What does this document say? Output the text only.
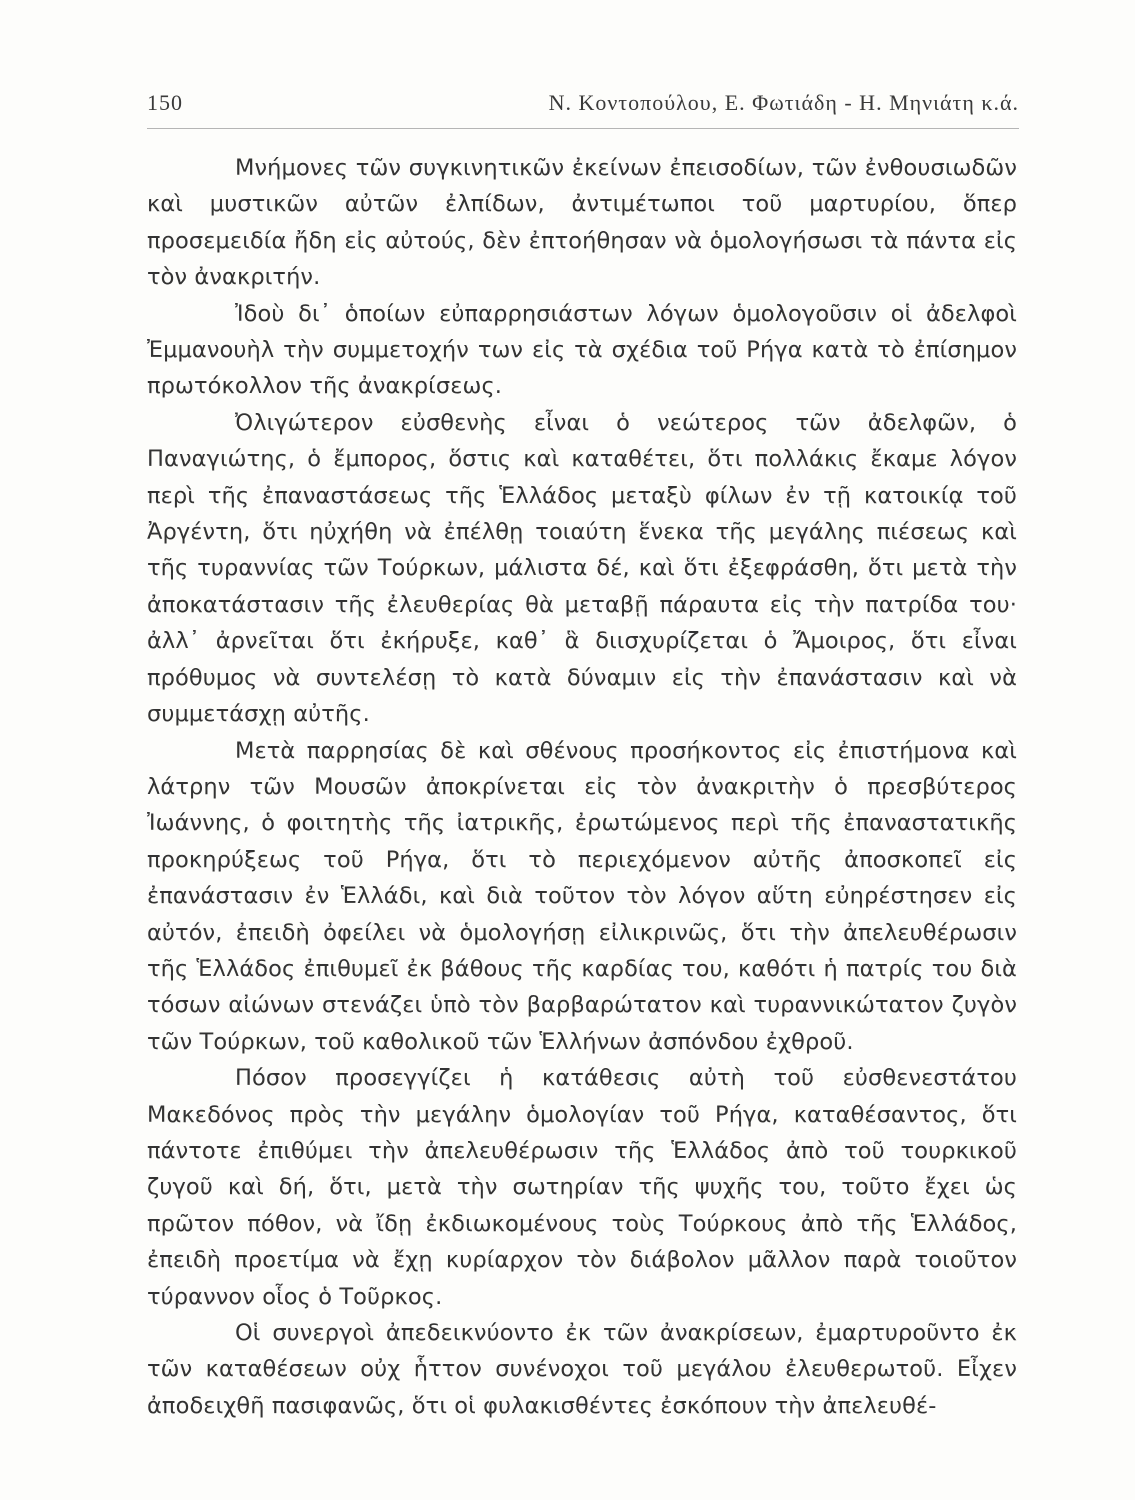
150	Ν. Κοντοπούλου, Ε. Φωτιάδη - Η. Μηνιάτη κ.ά.

Μνήμονες τῶν συγκινητικῶν ἐκείνων ἐπεισοδίων, τῶν ἐνθουσιωδῶν καὶ μυστικῶν αὐτῶν ἐλπίδων, ἀντιμέτωποι τοῦ μαρτυρίου, ὅπερ προσεμειδία ἤδη εἰς αὐτούς, δὲν ἐπτοήθησαν νὰ ὁμολογήσωσι τὰ πάντα εἰς τὸν ἀνακριτήν.

Ἰδοὺ δι᾽ ὁποίων εὐπαρρησιάστων λόγων ὁμολογοῦσιν οἱ ἀδελφοὶ Ἐμμανουὴλ τὴν συμμετοχήν των εἰς τὰ σχέδια τοῦ Ρήγα κατὰ τὸ ἐπίσημον πρωτόκολλον τῆς ἀνακρίσεως.

Ὀλιγώτερον εὐσθενὴς εἶναι ὁ νεώτερος τῶν ἀδελφῶν, ὁ Παναγιώτης, ὁ ἔμπορος, ὅστις καὶ καταθέτει, ὅτι πολλάκις ἔκαμε λόγον περὶ τῆς ἐπαναστάσεως τῆς Ἑλλάδος μεταξὺ φίλων ἐν τῇ κατοικίᾳ τοῦ Ἀργέντη, ὅτι ηὐχήθη νὰ ἐπέλθῃ τοιαύτη ἕνεκα τῆς μεγάλης πιέσεως καὶ τῆς τυραννίας τῶν Τούρκων, μάλιστα δέ, καὶ ὅτι ἐξεφράσθη, ὅτι μετὰ τὴν ἀποκατάστασιν τῆς ἐλευθερίας θὰ μεταβῇ πάραυτα εἰς τὴν πατρίδα του· ἀλλ᾽ ἀρνεῖται ὅτι ἐκήρυξε, καθ᾽ ἃ διισχυρίζεται ὁ Ἄμοιρος, ὅτι εἶναι πρόθυμος νὰ συντελέσῃ τὸ κατὰ δύναμιν εἰς τὴν ἐπανάστασιν καὶ νὰ συμμετάσχῃ αὐτῆς.

Μετὰ παρρησίας δὲ καὶ σθένους προσήκοντος εἰς ἐπιστήμονα καὶ λάτρην τῶν Μουσῶν ἀποκρίνεται εἰς τὸν ἀνακριτὴν ὁ πρεσβύτερος Ἰωάννης, ὁ φοιτητὴς τῆς ἰατρικῆς, ἐρωτώμενος περὶ τῆς ἐπαναστατικῆς προκηρύξεως τοῦ Ρήγα, ὅτι τὸ περιεχόμενον αὐτῆς ἀποσκοπεῖ εἰς ἐπανάστασιν ἐν Ἑλλάδι, καὶ διὰ τοῦτον τὸν λόγον αὕτη εὐηρέστησεν εἰς αὐτόν, ἐπειδὴ ὀφείλει νὰ ὁμολογήσῃ εἰλικρινῶς, ὅτι τὴν ἀπελευθέρωσιν τῆς Ἑλλάδος ἐπιθυμεῖ ἐκ βάθους τῆς καρδίας του, καθότι ἡ πατρίς του διὰ τόσων αἰώνων στενάζει ὑπὸ τὸν βαρβαρώτατον καὶ τυραννικώτατον ζυγὸν τῶν Τούρκων, τοῦ καθολικοῦ τῶν Ἑλλήνων ἀσπόνδου ἐχθροῦ.

Πόσον προσεγγίζει ἡ κατάθεσις αὐτὴ τοῦ εὐσθενεστάτου Μακεδόνος πρὸς τὴν μεγάλην ὁμολογίαν τοῦ Ρήγα, καταθέσαντος, ὅτι πάντοτε ἐπιθύμει τὴν ἀπελευθέρωσιν τῆς Ἑλλάδος ἀπὸ τοῦ τουρκικοῦ ζυγοῦ καὶ δή, ὅτι, μετὰ τὴν σωτηρίαν τῆς ψυχῆς του, τοῦτο ἔχει ὡς πρῶτον πόθον, νὰ ἴδῃ ἐκδιωκομένους τοὺς Τούρκους ἀπὸ τῆς Ἑλλάδος, ἐπειδὴ προετίμα νὰ ἔχῃ κυρίαρχον τὸν διάβολον μᾶλλον παρὰ τοιοῦτον τύραννον οἷος ὁ Τοῦρκος.

Οἱ συνεργοὶ ἀπεδεικνύοντο ἐκ τῶν ἀνακρίσεων, ἐμαρτυροῦντο ἐκ τῶν καταθέσεων οὐχ ἧττον συνένοχοι τοῦ μεγάλου ἐλευθερωτοῦ. Εἶχεν ἀποδειχθῆ πασιφανῶς, ὅτι οἱ φυλακισθέντες ἐσκόπουν τὴν ἀπελευθέ-
